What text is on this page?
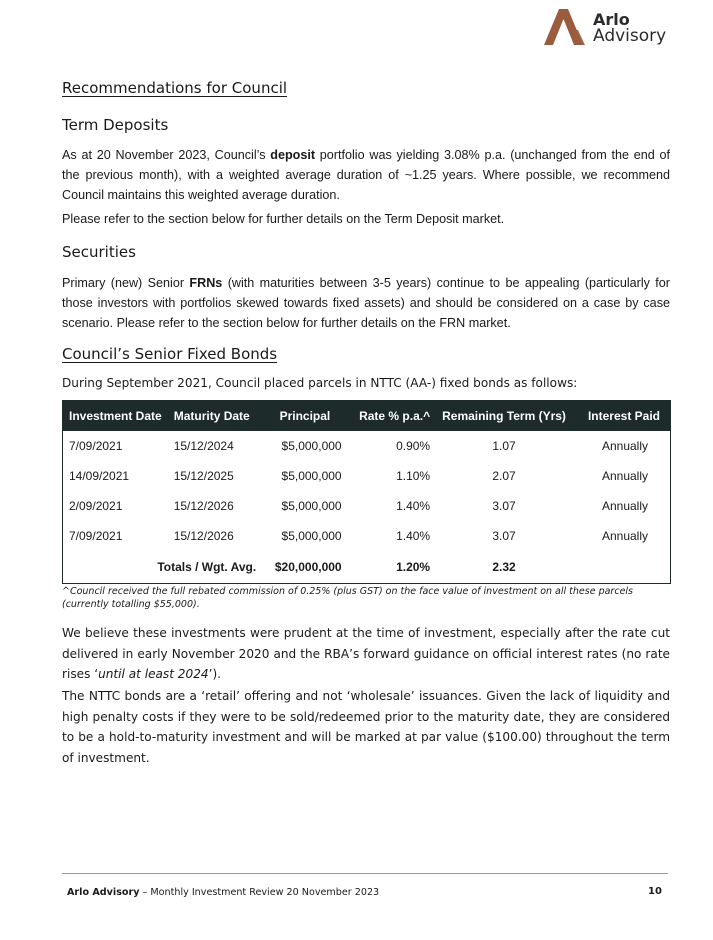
Arlo
Advisory
Recommendations for Council
Term Deposits

As at 20 November 2023, Council’s deposit portfolio was yielding 3.08% p.a. (unchanged from the end of the previous month), with a weighted average duration of ~1.25 years. Where possible, we recommend Council maintains this weighted average duration.

Please refer to the section below for further details on the Term Deposit market.

Securities

Primary (new) Senior FRNs (with maturities between 3-5 years) continue to be appealing (particularly for those investors with portfolios skewed towards fixed assets) and should be considered on a case by case scenario. Please refer to the section below for further details on the FRN market.

Council’s Senior Fixed Bonds

During September 2021, Council placed parcels in NTTC (AA-) fixed bonds as follows:

Investment Date	Maturity Date	Principal	Rate % p.a.^	Remaining Term (Yrs)	Interest Paid
7/09/2021	15/12/2024	$5,000,000	0.90%	1.07	Annually
14/09/2021	15/12/2025	$5,000,000	1.10%	2.07	Annually
2/09/2021	15/12/2026	$5,000,000	1.40%	3.07	Annually
7/09/2021	15/12/2026	$5,000,000	1.40%	3.07	Annually
Totals / Wgt. Avg.		$20,000,000	1.20%	2.32	

^Council received the full rebated commission of 0.25% (plus GST) on the face value of investment on all these parcels (currently totalling $55,000).

We believe these investments were prudent at the time of investment, especially after the rate cut delivered in early November 2020 and the RBA’s forward guidance on official interest rates (no rate rises ‘until at least 2024’).

The NTTC bonds are a ‘retail’ offering and not ‘wholesale’ issuances. Given the lack of liquidity and high penalty costs if they were to be sold/redeemed prior to the maturity date, they are considered to be a hold-to-maturity investment and will be marked at par value ($100.00) throughout the term of investment.

Arlo Advisory – Monthly Investment Review 20 November 2023	10
